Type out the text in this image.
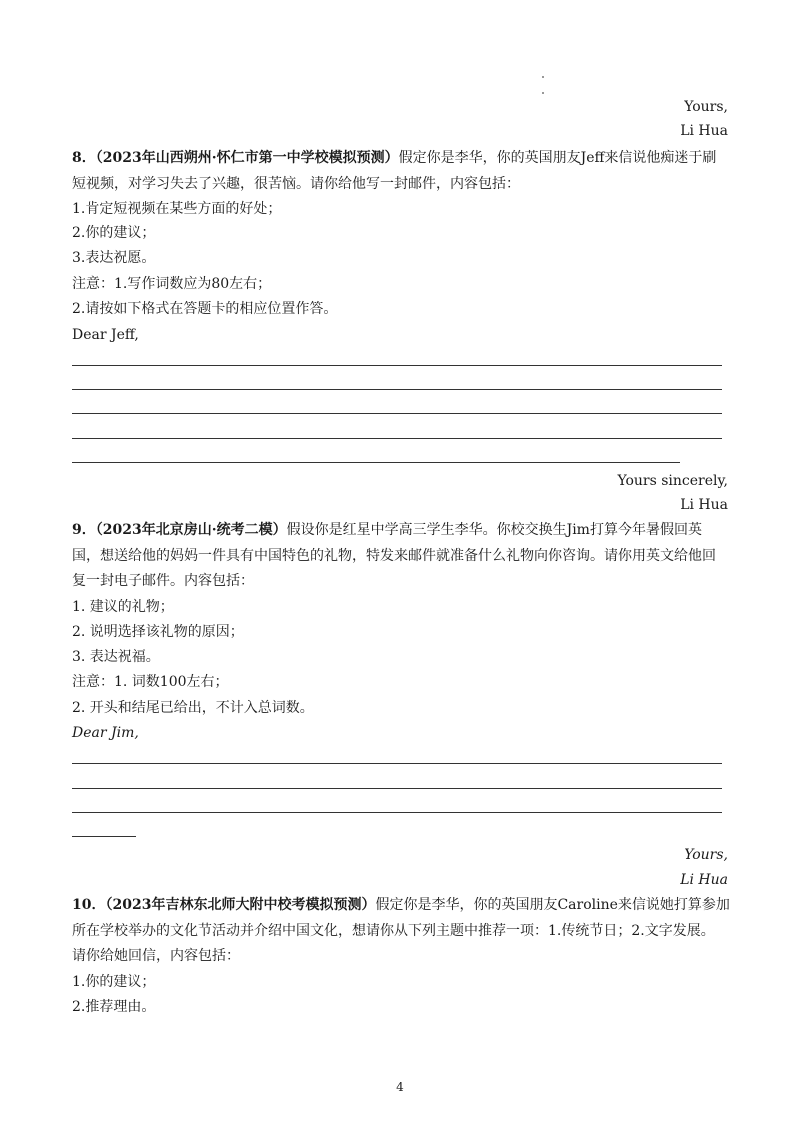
Yours,
Li Hua
8．（2023年山西朔州·怀仁市第一中学校模拟预测）假定你是李华，你的英国朋友Jeff来信说他痴迷于刷
短视频，对学习失去了兴趣，很苦恼。请你给他写一封邮件，内容包括：
1.肯定短视频在某些方面的好处；
2.你的建议；
3.表达祝愿。
注意：1.写作词数应为80左右；
2.请按如下格式在答题卡的相应位置作答。
Dear Jeff,
Yours sincerely,
Li Hua
9．（2023年北京房山·统考二模）假设你是红星中学高三学生李华。你校交换生Jim打算今年暑假回英
国，想送给他的妈妈一件具有中国特色的礼物，特发来邮件就准备什么礼物向你咨询。请你用英文给他回
复一封电子邮件。内容包括：
1. 建议的礼物；
2. 说明选择该礼物的原因；
3. 表达祝福。
注意：1. 词数100左右；
2. 开头和结尾已给出，不计入总词数。
Dear Jim,
Yours,
Li Hua
10．（2023年吉林东北师大附中校考模拟预测）假定你是李华，你的英国朋友Caroline来信说她打算参加
所在学校举办的文化节活动并介绍中国文化，想请你从下列主题中推荐一项：1.传统节日；2.文字发展。
请你给她回信，内容包括：
1.你的建议；
2.推荐理由。
4
